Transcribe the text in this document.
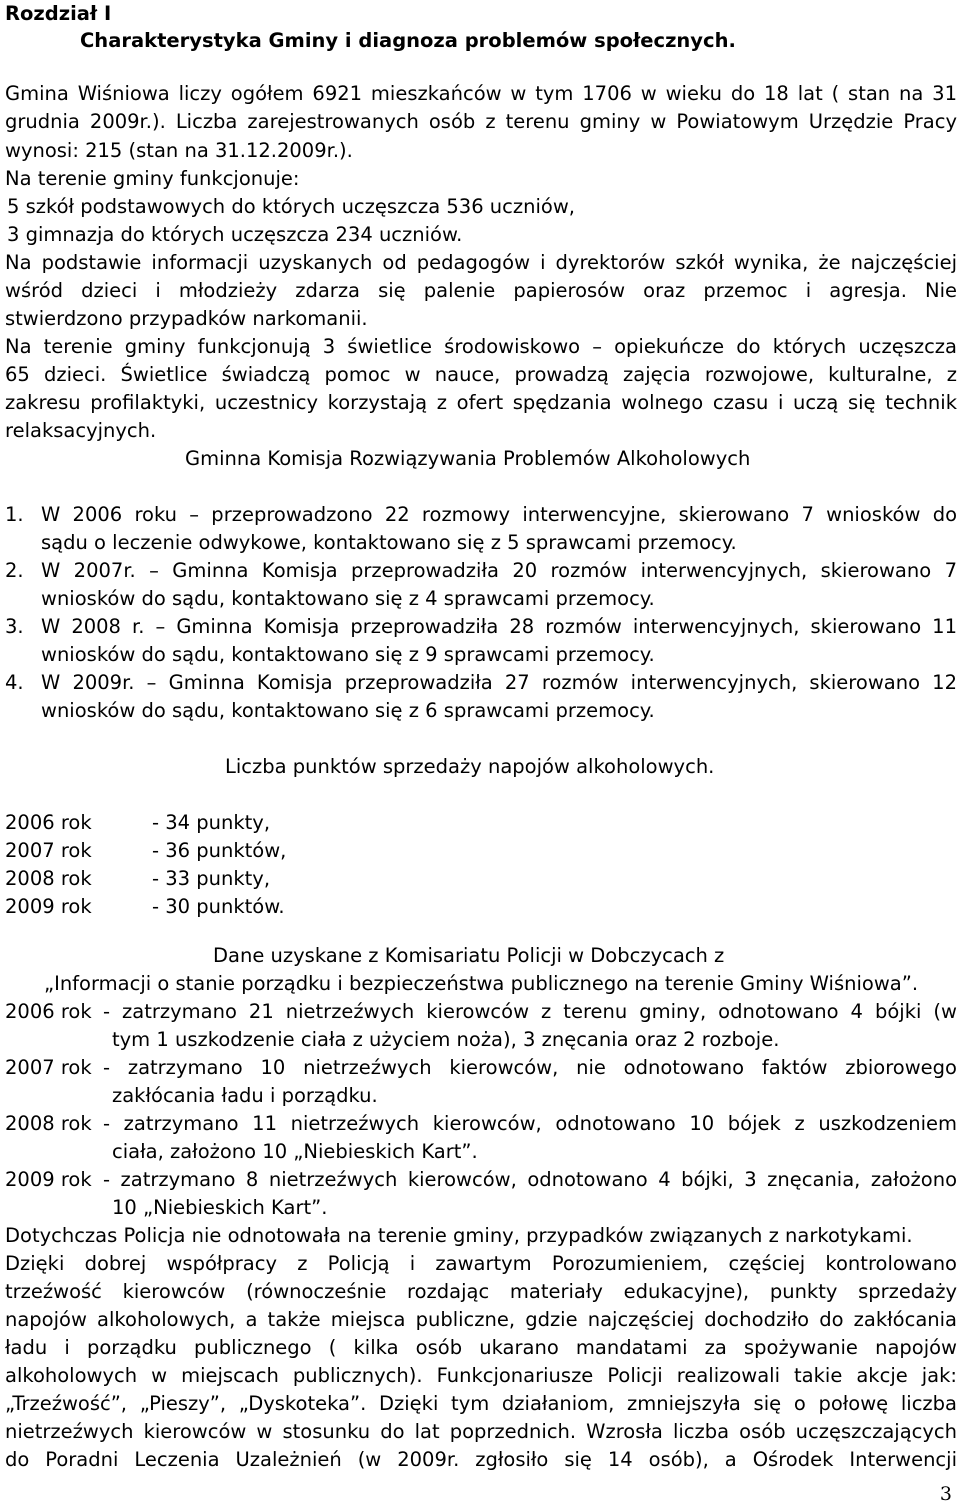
Rozdział I
Charakterystyka Gminy i diagnoza problemów społecznych.
Gmina Wiśniowa liczy ogółem 6921 mieszkańców w tym 1706 w wieku do 18 lat ( stan na 31
grudnia 2009r.). Liczba zarejestrowanych osób z terenu gminy w Powiatowym Urzędzie Pracy
wynosi: 215 (stan na 31.12.2009r.).
Na terenie gminy funkcjonuje:
5 szkół podstawowych do których uczęszcza 536 uczniów,
3 gimnazja do których uczęszcza 234 uczniów.
Na podstawie informacji uzyskanych od pedagogów i dyrektorów szkół wynika, że najczęściej
wśród dzieci i młodzieży zdarza się palenie papierosów oraz przemoc i agresja. Nie
stwierdzono przypadków narkomanii.
Na terenie gminy funkcjonują 3 świetlice środowiskowo – opiekuńcze do których uczęszcza
65 dzieci. Świetlice świadczą pomoc w nauce, prowadzą zajęcia rozwojowe, kulturalne, z
zakresu profilaktyki, uczestnicy korzystają z ofert spędzania wolnego czasu i uczą się technik
relaksacyjnych.
Gminna Komisja Rozwiązywania Problemów Alkoholowych
1. W 2006 roku – przeprowadzono 22 rozmowy interwencyjne, skierowano 7 wniosków do
sądu o leczenie odwykowe, kontaktowano się z 5 sprawcami przemocy.
2. W 2007r. – Gminna Komisja przeprowadziła 20 rozmów interwencyjnych, skierowano 7
wniosków do sądu, kontaktowano się z 4 sprawcami przemocy.
3. W 2008 r. – Gminna Komisja przeprowadziła 28 rozmów interwencyjnych, skierowano 11
wniosków do sądu, kontaktowano się z 9 sprawcami przemocy.
4. W 2009r. – Gminna Komisja przeprowadziła 27 rozmów interwencyjnych, skierowano 12
wniosków do sądu, kontaktowano się z 6 sprawcami przemocy.
Liczba punktów sprzedaży napojów alkoholowych.
2006 rok	- 34 punkty,
2007 rok	- 36 punktów,
2008 rok	- 33 punkty,
2009 rok	- 30 punktów.
Dane uzyskane z Komisariatu Policji w Dobczycach z
„Informacji o stanie porządku i bezpieczeństwa publicznego na terenie Gminy Wiśniowa”.
2006 rok - zatrzymano 21 nietrzeźwych kierowców z terenu gminy, odnotowano 4 bójki (w
tym 1 uszkodzenie ciała z użyciem noża), 3 znęcania oraz 2 rozboje.
2007 rok - zatrzymano 10 nietrzeźwych kierowców, nie odnotowano faktów zbiorowego
zakłócania ładu i porządku.
2008 rok - zatrzymano 11 nietrzeźwych kierowców, odnotowano 10 bójek z uszkodzeniem
ciała, założono 10 „Niebieskich Kart”.
2009 rok - zatrzymano 8 nietrzeźwych kierowców, odnotowano 4 bójki, 3 znęcania, założono
10 „Niebieskich Kart”.
Dotychczas Policja nie odnotowała na terenie gminy, przypadków związanych z narkotykami.
Dzięki dobrej współpracy z Policją i zawartym Porozumieniem, częściej kontrolowano
trzeźwość kierowców (równocześnie rozdając materiały edukacyjne), punkty sprzedaży
napojów alkoholowych, a także miejsca publiczne, gdzie najczęściej dochodziło do zakłócania
ładu i porządku publicznego ( kilka osób ukarano mandatami za spożywanie napojów
alkoholowych w miejscach publicznych). Funkcjonariusze Policji realizowali takie akcje jak:
„Trzeźwość”, „Pieszy”, „Dyskoteka”. Dzięki tym działaniom, zmniejszyła się o połowę liczba
nietrzeźwych kierowców w stosunku do lat poprzednich. Wzrosła liczba osób uczęszczających
do Poradni Leczenia Uzależnień (w 2009r. zgłosiło się 14 osób), a Ośrodek Interwencji
3
